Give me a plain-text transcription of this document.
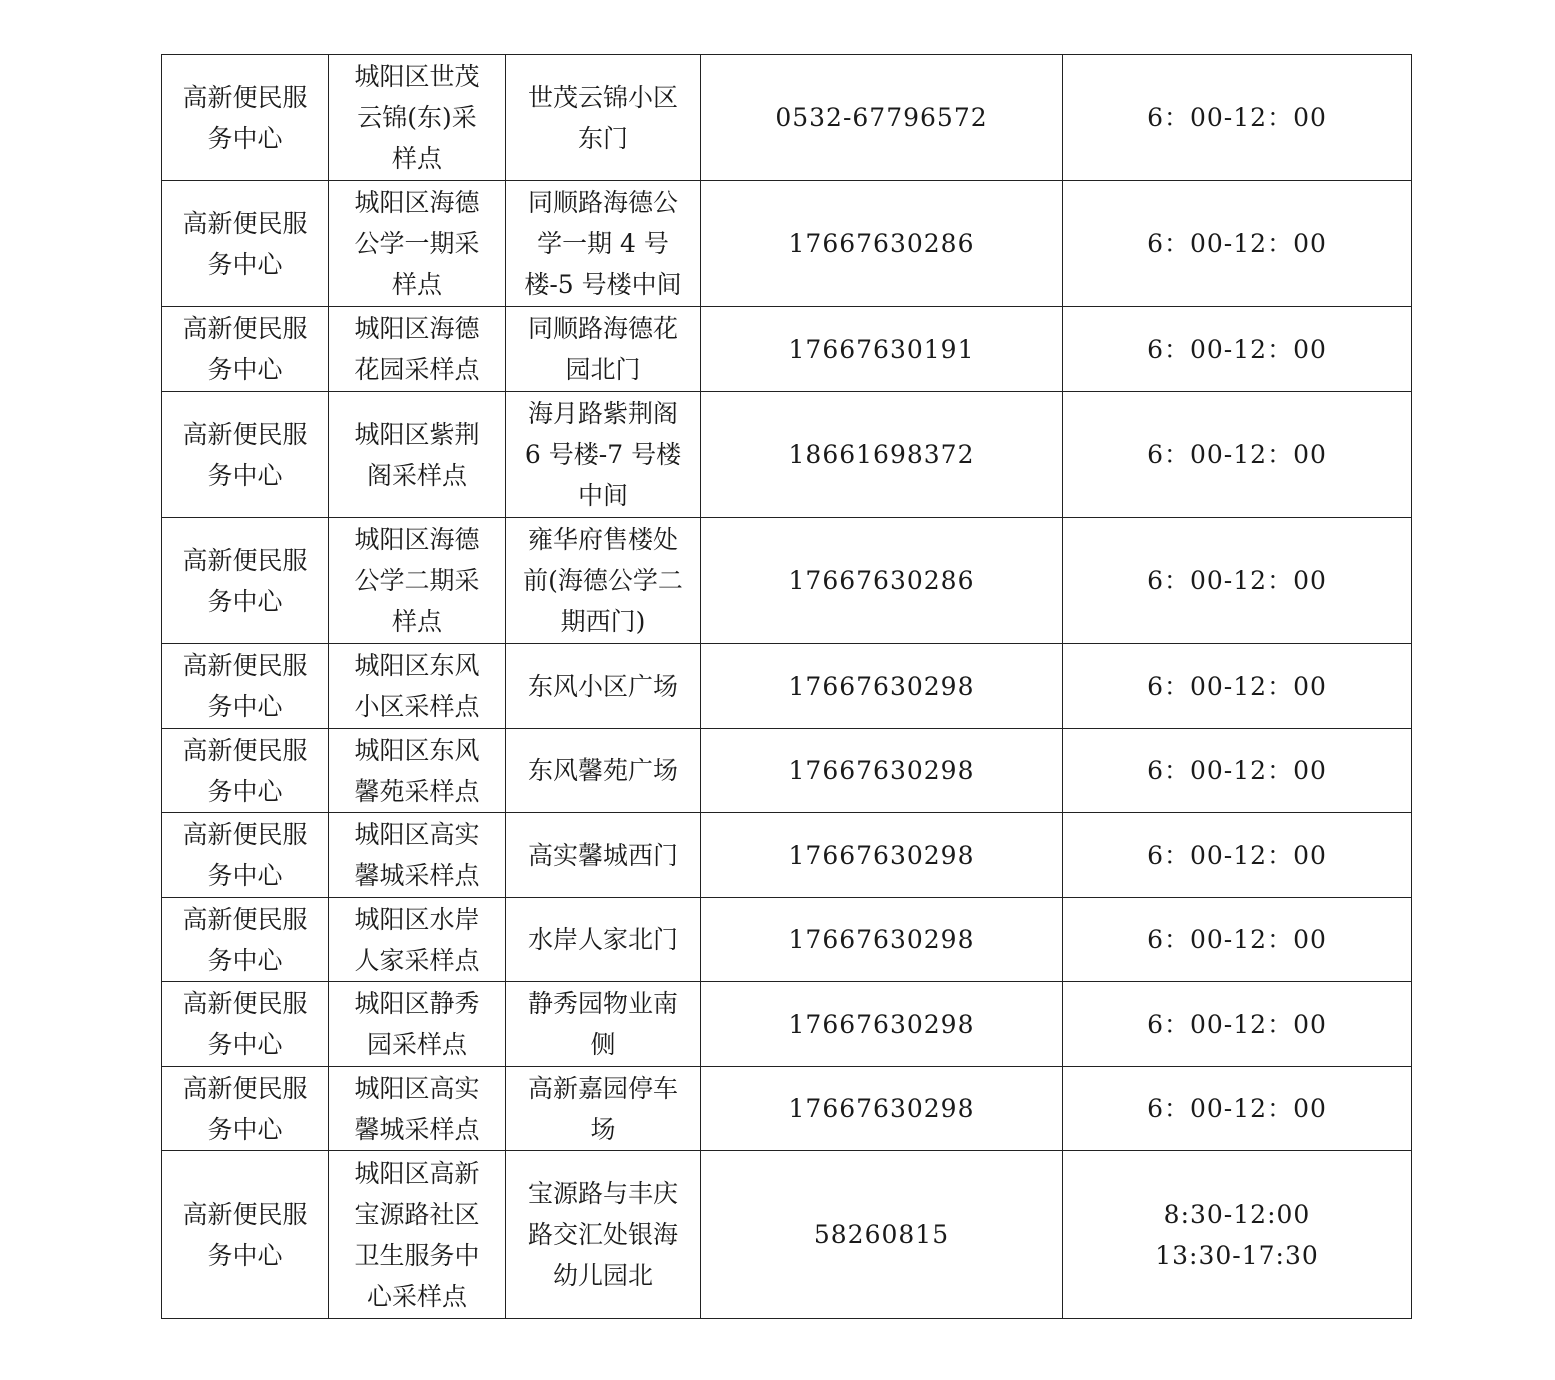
高新便民服务中心	城阳区世茂云锦(东)采样点	世茂云锦小区东门	0532-67796572	6：00-12：00

高新便民服务中心	城阳区海德公学一期采样点	同顺路海德公学一期 4 号楼-5 号楼中间	17667630286	6：00-12：00

高新便民服务中心	城阳区海德花园采样点	同顺路海德花园北门	17667630191	6：00-12：00

高新便民服务中心	城阳区紫荆阁采样点	海月路紫荆阁 6 号楼-7 号楼中间	18661698372	6：00-12：00

高新便民服务中心	城阳区海德公学二期采样点	雍华府售楼处前(海德公学二期西门)	17667630286	6：00-12：00

高新便民服务中心	城阳区东风小区采样点	东风小区广场	17667630298	6：00-12：00

高新便民服务中心	城阳区东风馨苑采样点	东风馨苑广场	17667630298	6：00-12：00

高新便民服务中心	城阳区高实馨城采样点	高实馨城西门	17667630298	6：00-12：00

高新便民服务中心	城阳区水岸人家采样点	水岸人家北门	17667630298	6：00-12：00

高新便民服务中心	城阳区静秀园采样点	静秀园物业南侧	17667630298	6：00-12：00

高新便民服务中心	城阳区高实馨城采样点	高新嘉园停车场	17667630298	6：00-12：00

高新便民服务中心	城阳区高新宝源路社区卫生服务中心采样点	宝源路与丰庆路交汇处银海幼儿园北	58260815	8:30-12:00
13:30-17:30
